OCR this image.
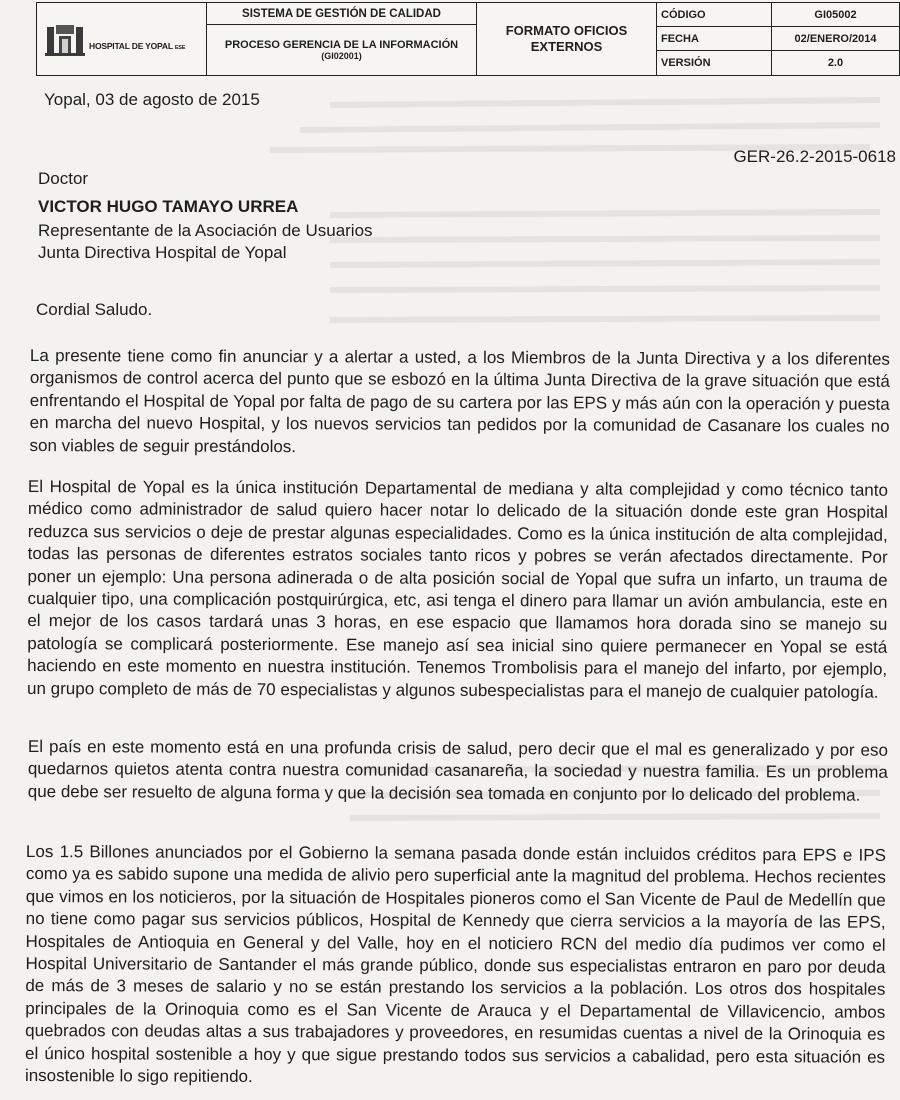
HOSPITAL DE YOPAL ESE
SISTEMA DE GESTIÓN DE CALIDAD
PROCESO GERENCIA DE LA INFORMACIÓN
(GI02001)
FORMATO OFICIOS EXTERNOS
CÓDIGO	GI05002
FECHA	02/ENERO/2014
VERSIÓN	2.0
Yopal, 03 de agosto de 2015
GER-26.2-2015-0618
Doctor
VICTOR HUGO TAMAYO URREA
Representante de la Asociación de Usuarios
Junta Directiva Hospital de Yopal
Cordial Saludo.
La presente tiene como fin anunciar y a alertar a usted, a los Miembros de la Junta Directiva y a los diferentes organismos de control acerca del punto que se esbozó en la última Junta Directiva de la grave situación que está enfrentando el Hospital de Yopal por falta de pago de su cartera por las EPS y más aún con la operación y puesta en marcha del nuevo Hospital, y los nuevos servicios tan pedidos por la comunidad de Casanare los cuales no son viables de seguir prestándolos.
El Hospital de Yopal es la única institución Departamental de mediana y alta complejidad y como técnico tanto médico como administrador de salud quiero hacer notar lo delicado de la situación donde este gran Hospital reduzca sus servicios o deje de prestar algunas especialidades. Como es la única institución de alta complejidad, todas las personas de diferentes estratos sociales tanto ricos y pobres se verán afectados directamente. Por poner un ejemplo: Una persona adinerada o de alta posición social de Yopal que sufra un infarto, un trauma de cualquier tipo, una complicación postquirúrgica, etc, asi tenga el dinero para llamar un avión ambulancia, este en el mejor de los casos tardará unas 3 horas, en ese espacio que llamamos hora dorada sino se manejo su patología se complicará posteriormente. Ese manejo así sea inicial sino quiere permanecer en Yopal se está haciendo en este momento en nuestra institución. Tenemos Trombolisis para el manejo del infarto, por ejemplo, un grupo completo de más de 70 especialistas y algunos subespecialistas para el manejo de cualquier patología.
El país en este momento está en una profunda crisis de salud, pero decir que el mal es generalizado y por eso quedarnos quietos atenta contra nuestra comunidad casanareña, la sociedad y nuestra familia. Es un problema que debe ser resuelto de alguna forma y que la decisión sea tomada en conjunto por lo delicado del problema.
Los 1.5 Billones anunciados por el Gobierno la semana pasada donde están incluidos créditos para EPS e IPS como ya es sabido supone una medida de alivio pero superficial ante la magnitud del problema. Hechos recientes que vimos en los noticieros, por la situación de Hospitales pioneros como el San Vicente de Paul de Medellín que no tiene como pagar sus servicios públicos, Hospital de Kennedy que cierra servicios a la mayoría de las EPS, Hospitales de Antioquia en General y del Valle, hoy en el noticiero RCN del medio día pudimos ver como el Hospital Universitario de Santander el más grande público, donde sus especialistas entraron en paro por deuda de más de 3 meses de salario y no se están prestando los servicios a la población. Los otros dos hospitales principales de la Orinoquia como es el San Vicente de Arauca y el Departamental de Villavicencio, ambos quebrados con deudas altas a sus trabajadores y proveedores, en resumidas cuentas a nivel de la Orinoquia es el único hospital sostenible a hoy y que sigue prestando todos sus servicios a cabalidad, pero esta situación es insostenible lo sigo repitiendo.
